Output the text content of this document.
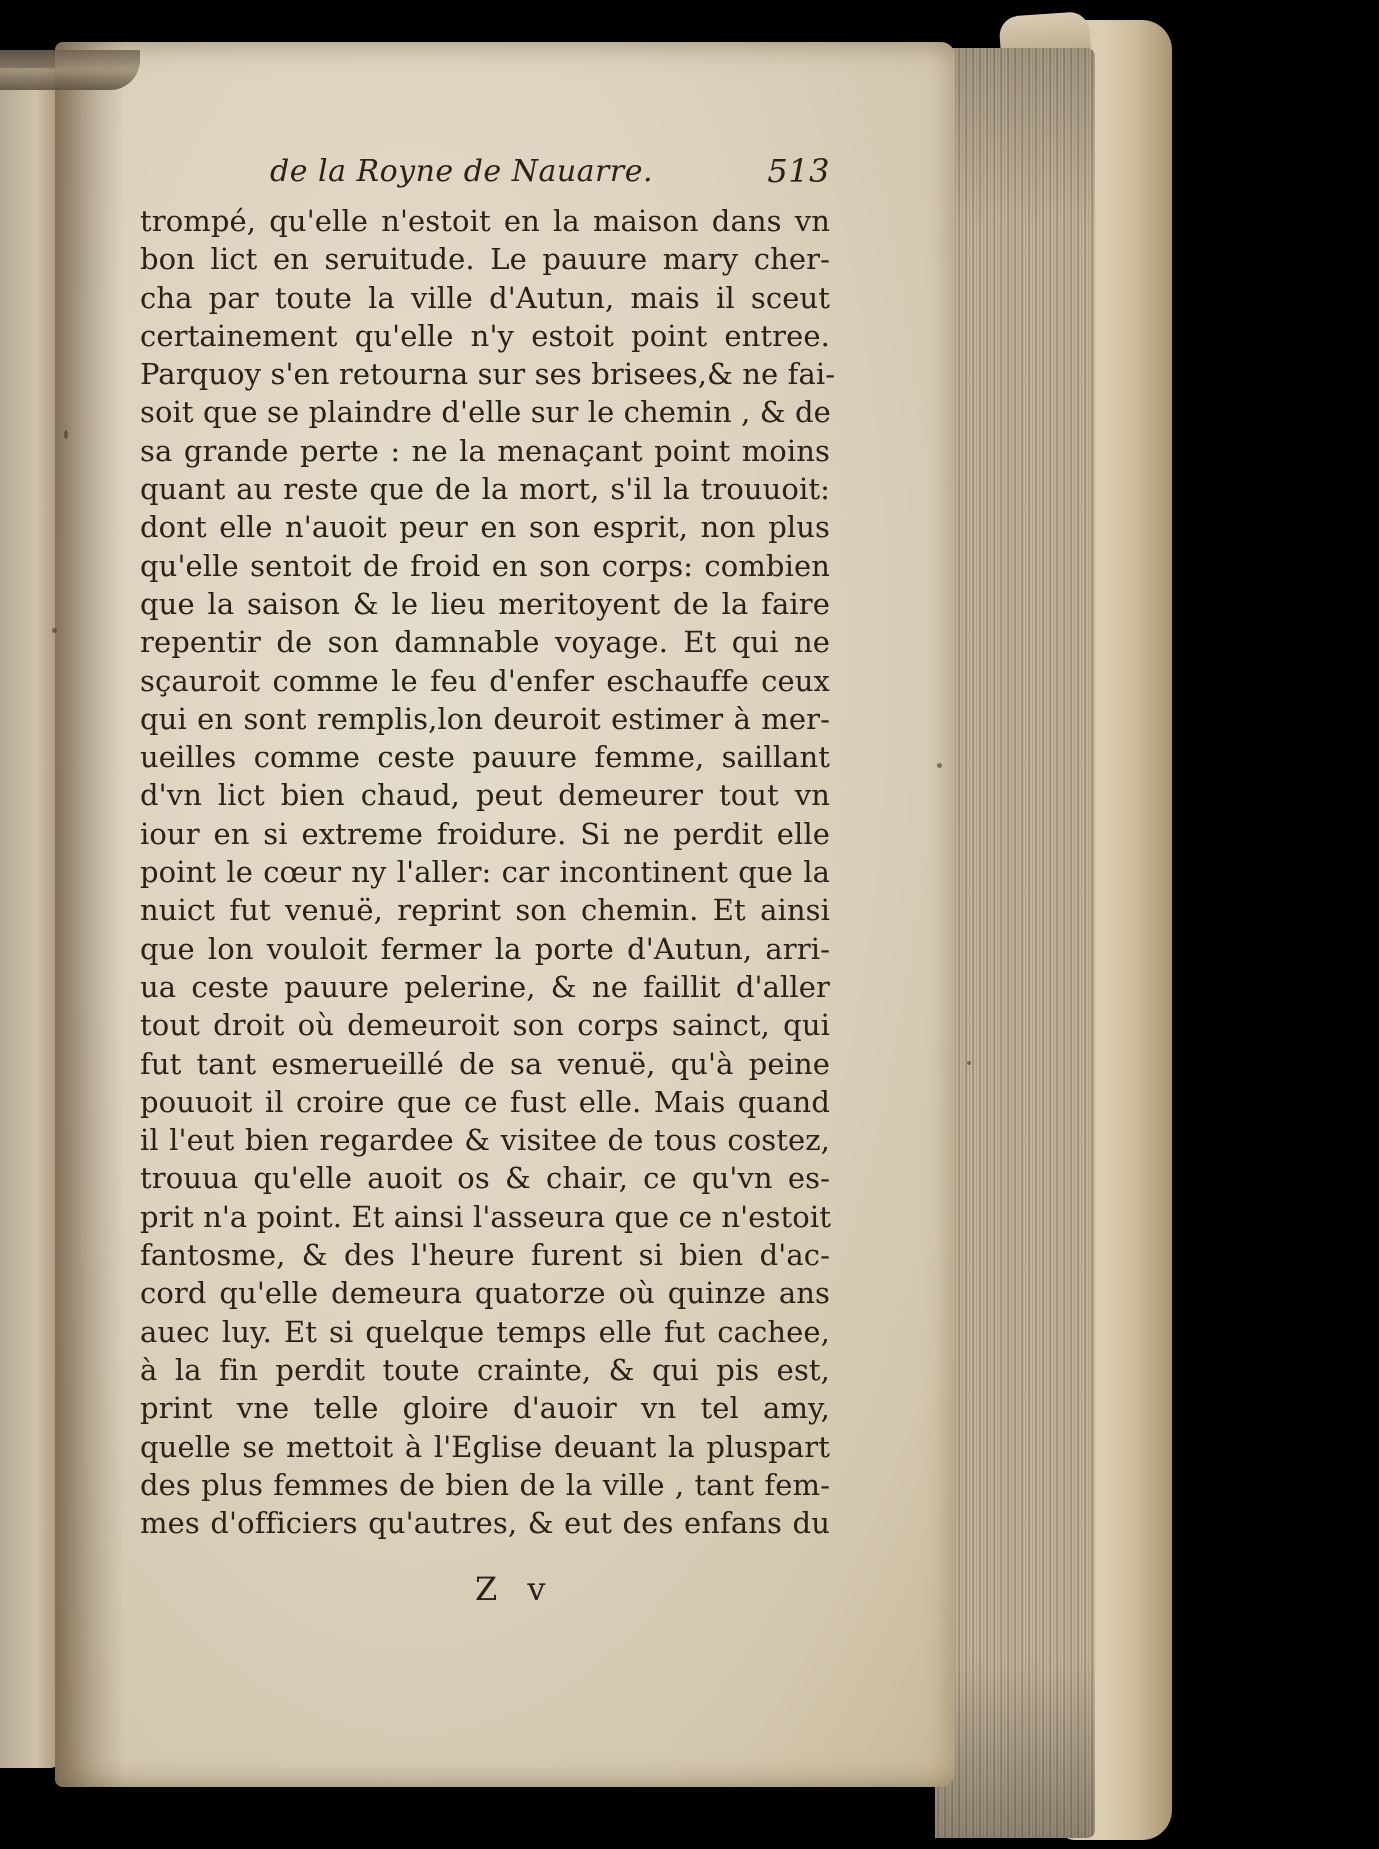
de la Royne de Nauarre.	513
trompé, qu'elle n'estoit en la maison dans vn
bon lict en seruitude. Le pauure mary cher-
cha par toute la ville d'Autun, mais il sceut
certainement qu'elle n'y estoit point entree.
Parquoy s'en retourna sur ses brisees,& ne fai-
soit que se plaindre d'elle sur le chemin , & de
sa grande perte : ne la menaçant point moins
quant au reste que de la mort, s'il la trouuoit:
dont elle n'auoit peur en son esprit, non plus
qu'elle sentoit de froid en son corps: combien
que la saison & le lieu meritoyent de la faire
repentir de son damnable voyage. Et qui ne
sçauroit comme le feu d'enfer eschauffe ceux
qui en sont remplis,lon deuroit estimer à mer-
ueilles comme ceste pauure femme, saillant
d'vn lict bien chaud, peut demeurer tout vn
iour en si extreme froidure. Si ne perdit elle
point le cœur ny l'aller: car incontinent que la
nuict fut venuë, reprint son chemin. Et ainsi
que lon vouloit fermer la porte d'Autun, arri-
ua ceste pauure pelerine, & ne faillit d'aller
tout droit où demeuroit son corps sainct, qui
fut tant esmerueillé de sa venuë, qu'à peine
pouuoit il croire que ce fust elle. Mais quand
il l'eut bien regardee & visitee de tous costez,
trouua qu'elle auoit os & chair, ce qu'vn es-
prit n'a point. Et ainsi l'asseura que ce n'estoit
fantosme, & des l'heure furent si bien d'ac-
cord qu'elle demeura quatorze où quinze ans
auec luy. Et si quelque temps elle fut cachee,
à la fin perdit toute crainte, & qui pis est,
print vne telle gloire d'auoir vn tel amy,
quelle se mettoit à l'Eglise deuant la pluspart
des plus femmes de bien de la ville , tant fem-
mes d'officiers qu'autres, & eut des enfans du
Z v
